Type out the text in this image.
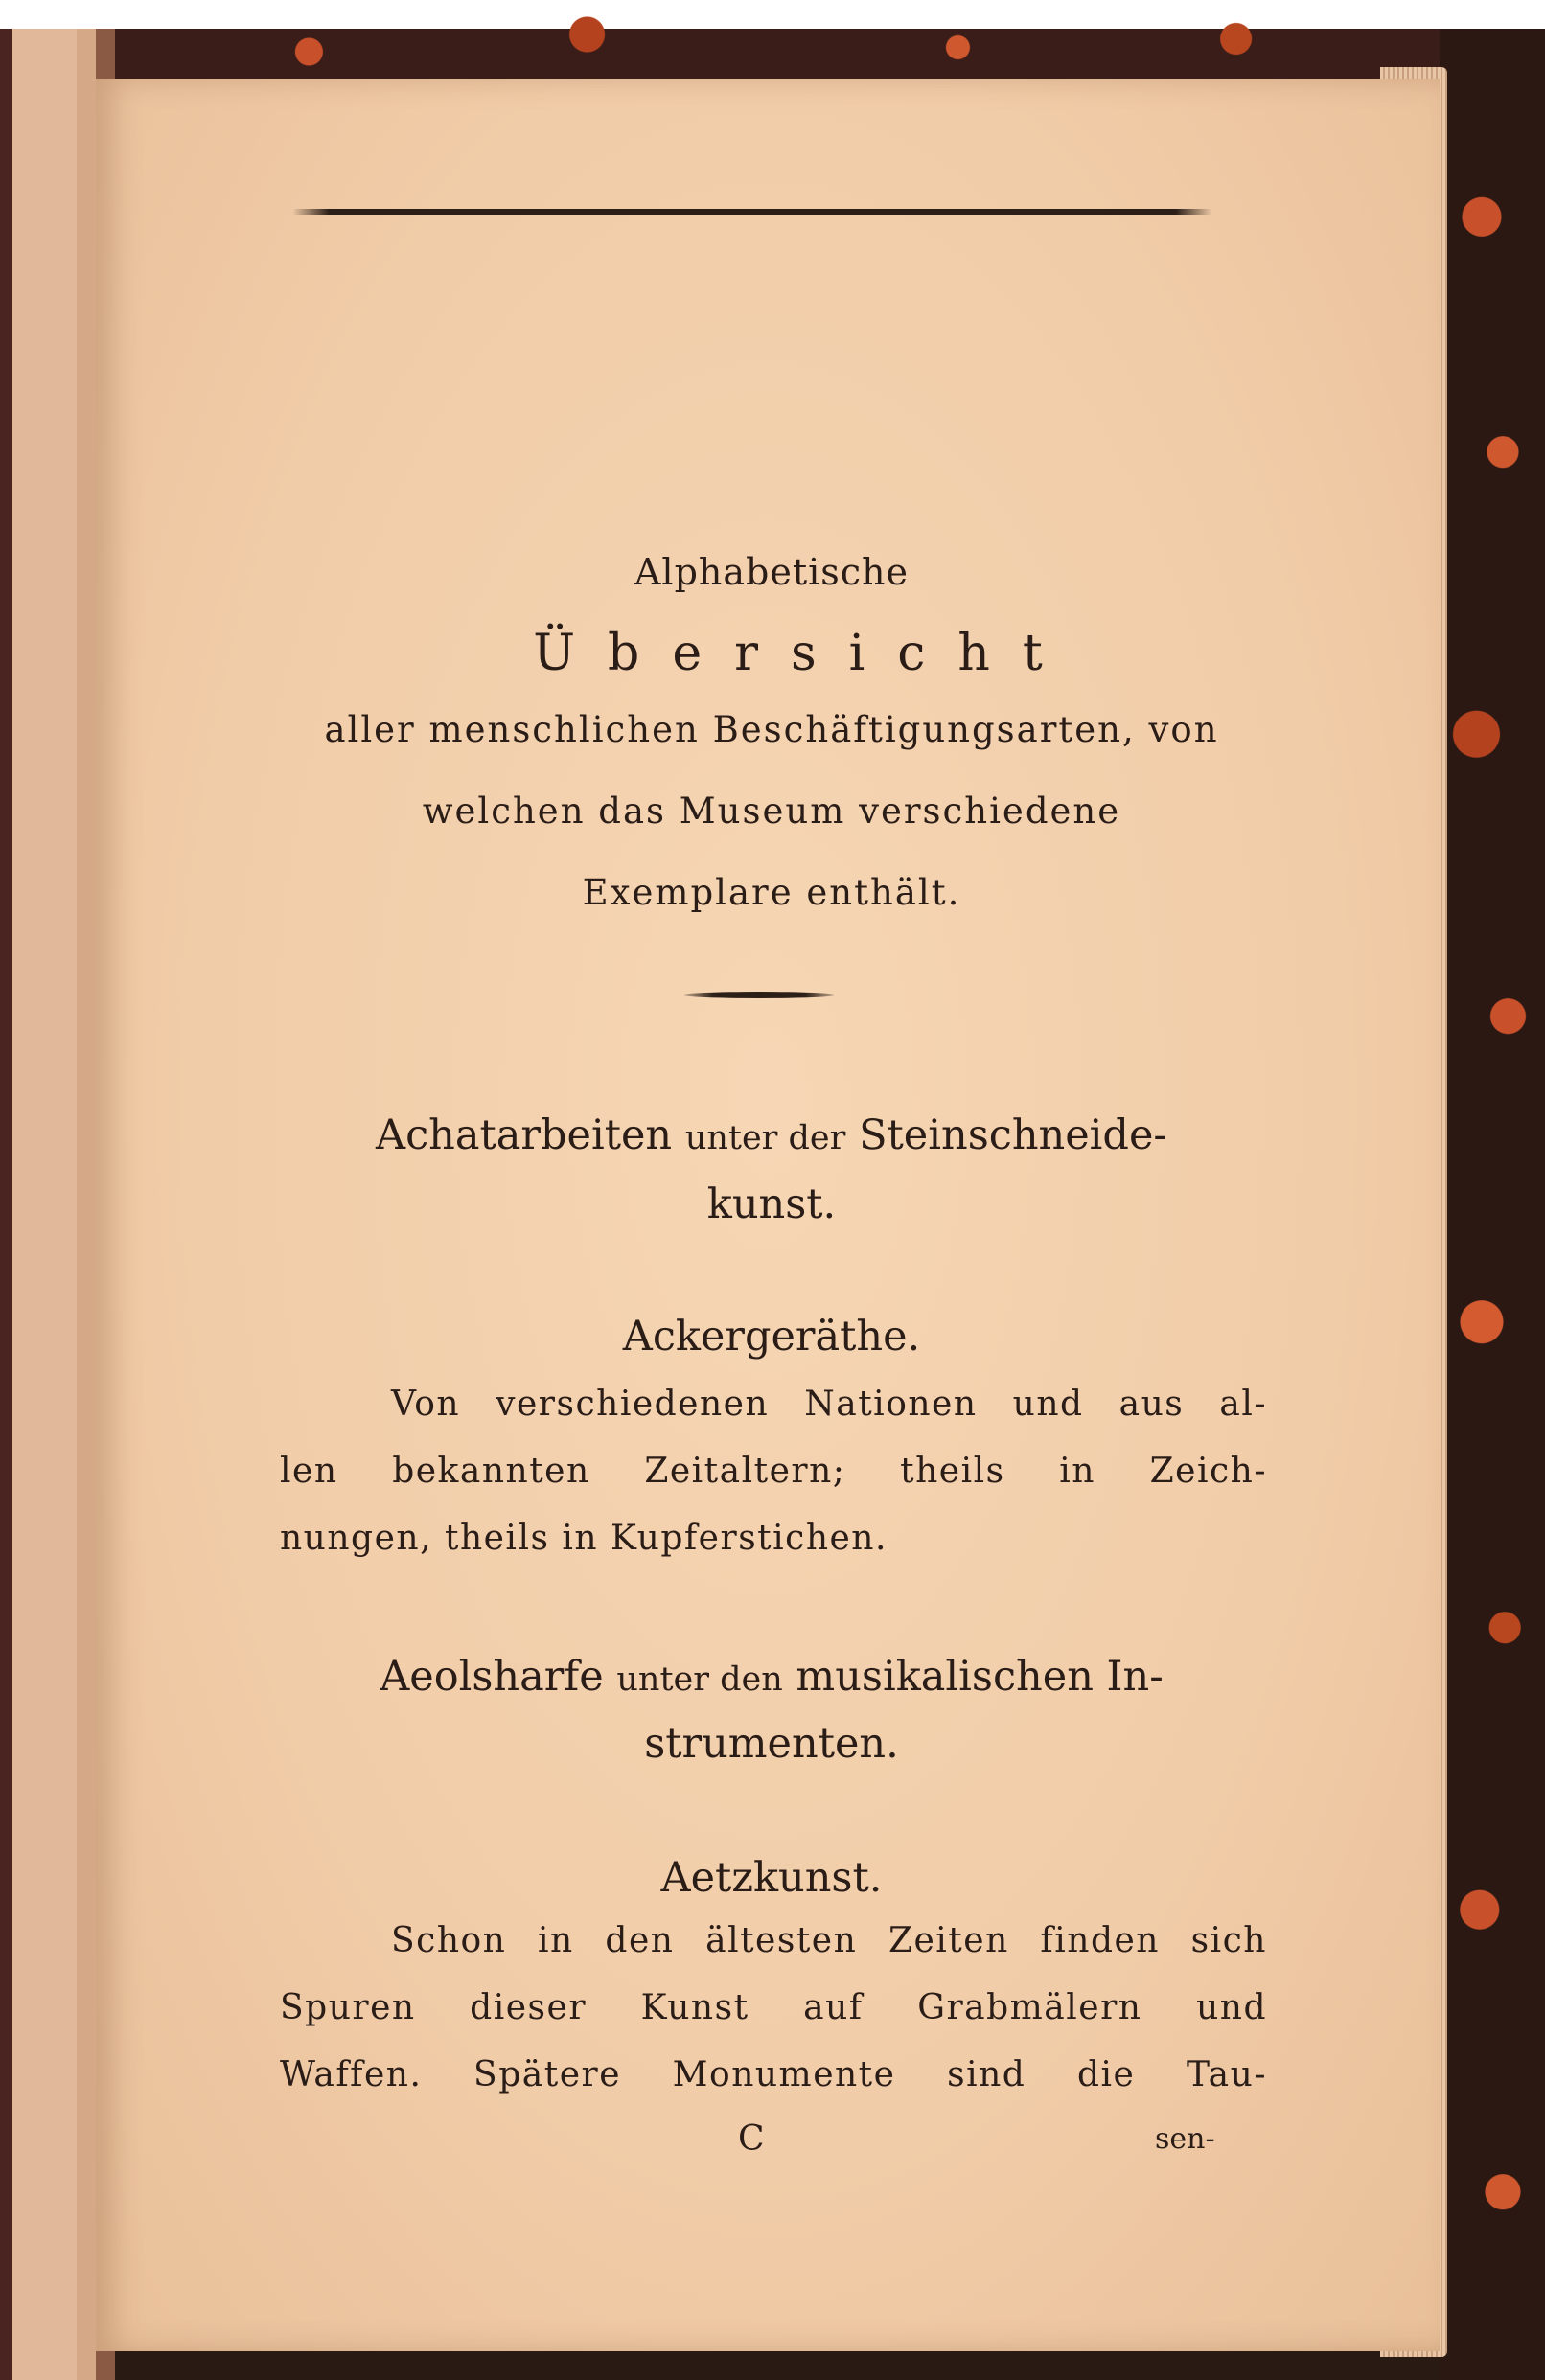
Alphabetische
Übersicht
aller menschlichen Beschäftigungsarten, von
welchen das Museum verschiedene
Exemplare enthält.
Achatarbeiten unter der Steinschneide-
kunst.
Ackergeräthe.
Von verschiedenen Nationen und aus al-
len bekannten Zeitaltern; theils in Zeich-
nungen, theils in Kupferstichen.
Aeolsharfe unter den musikalischen In-
strumenten.
Aetzkunst.
Schon in den ältesten Zeiten finden sich
Spuren dieser Kunst auf Grabmälern und
Waffen. Spätere Monumente sind die Tau-
C	sen-
